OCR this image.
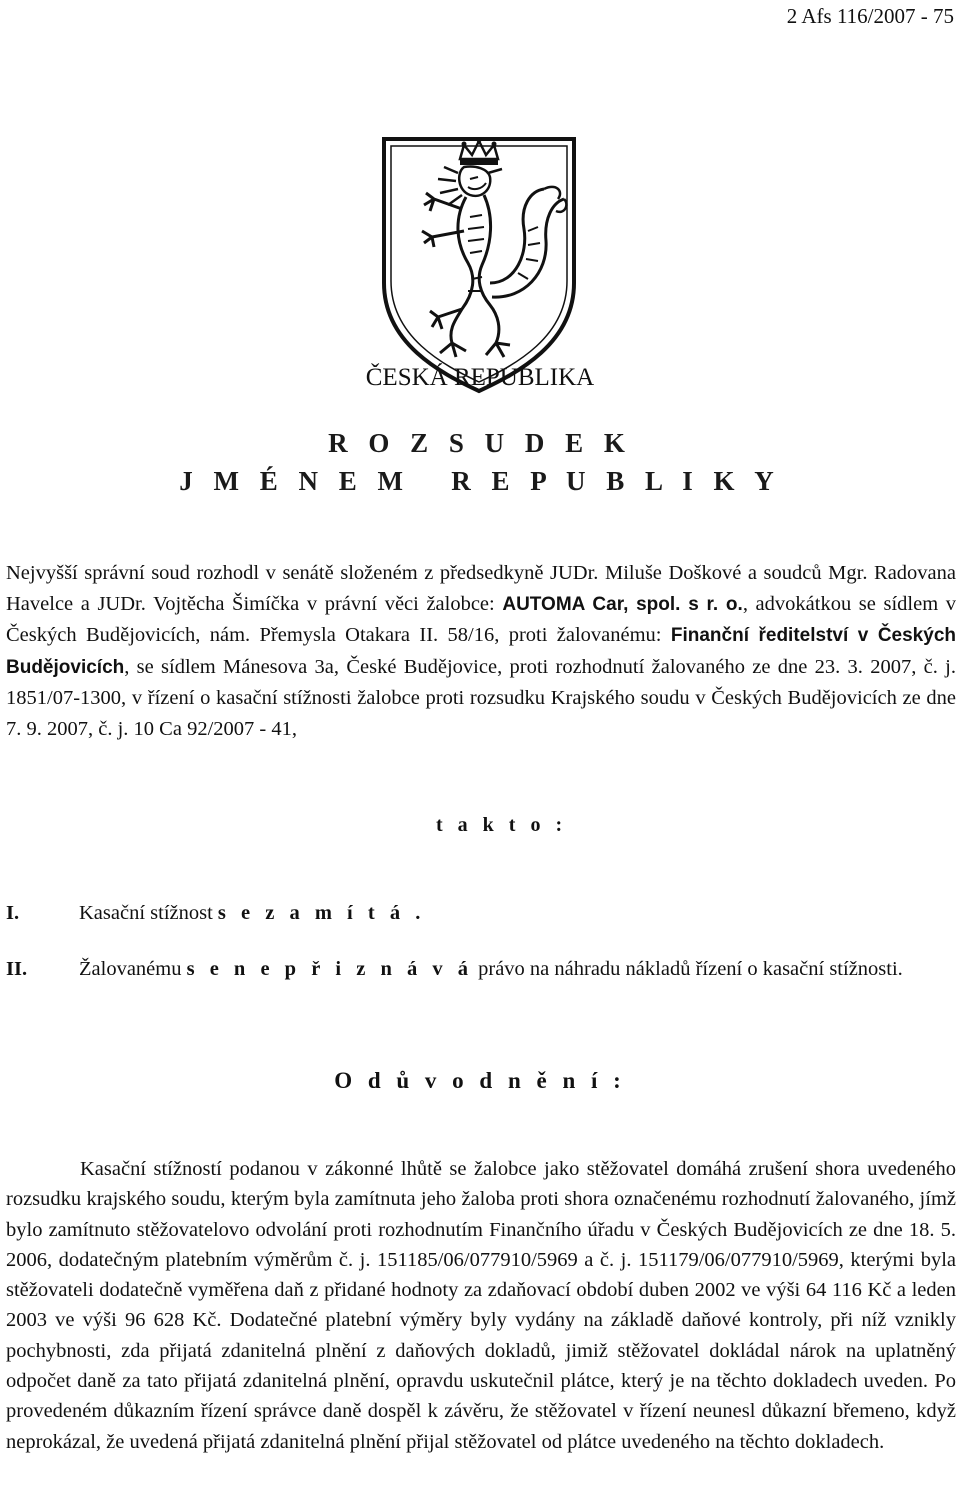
2 Afs 116/2007 - 75
ČESKÁ REPUBLIKA
R O Z S U D E K
J M É N E M   R E P U B L I K Y
Nejvyšší správní soud rozhodl v senátě složeném z předsedkyně JUDr. Miluše Doškové a soudců Mgr. Radovana Havelce a JUDr. Vojtěcha Šimíčka v právní věci žalobce: AUTOMA Car, spol. s r. o., advokátkou se sídlem v Českých Budějovicích, nám. Přemysla Otakara II. 58/16, proti žalovanému: Finanční ředitelství v Českých Budějovicích, se sídlem Mánesova 3a, České Budějovice, proti rozhodnutí žalovaného ze dne 23. 3. 2007, č. j. 1851/07-1300, v řízení o kasační stížnosti žalobce proti rozsudku Krajského soudu v Českých Budějovicích ze dne 7. 9. 2007, č. j. 10 Ca 92/2007 - 41,
t a k t o :
I.	Kasační stížnost s e z a m í t á .
II.	Žalovanému s e n e p ř i z n á v á právo na náhradu nákladů řízení o kasační stížnosti.
O d ů v o d n ě n í :
Kasační stížností podanou v zákonné lhůtě se žalobce jako stěžovatel domáhá zrušení shora uvedeného rozsudku krajského soudu, kterým byla zamítnuta jeho žaloba proti shora označenému rozhodnutí žalovaného, jímž bylo zamítnuto stěžovatelovo odvolání proti rozhodnutím Finančního úřadu v Českých Budějovicích ze dne 18. 5. 2006, dodatečným platebním výměrům č. j. 151185/06/077910/5969 a č. j. 151179/06/077910/5969, kterými byla stěžovateli dodatečně vyměřena daň z přidané hodnoty za zdaňovací období duben 2002 ve výši 64 116 Kč a leden 2003 ve výši 96 628 Kč. Dodatečné platební výměry byly vydány na základě daňové kontroly, při níž vznikly pochybnosti, zda přijatá zdanitelná plnění z daňových dokladů, jimiž stěžovatel dokládal nárok na uplatněný odpočet daně za tato přijatá zdanitelná plnění, opravdu uskutečnil plátce, který je na těchto dokladech uveden. Po provedeném důkazním řízení správce daně dospěl k závěru, že stěžovatel v řízení neunesl důkazní břemeno, když neprokázal, že uvedená přijatá zdanitelná plnění přijal stěžovatel od plátce uvedeného na těchto dokladech.
